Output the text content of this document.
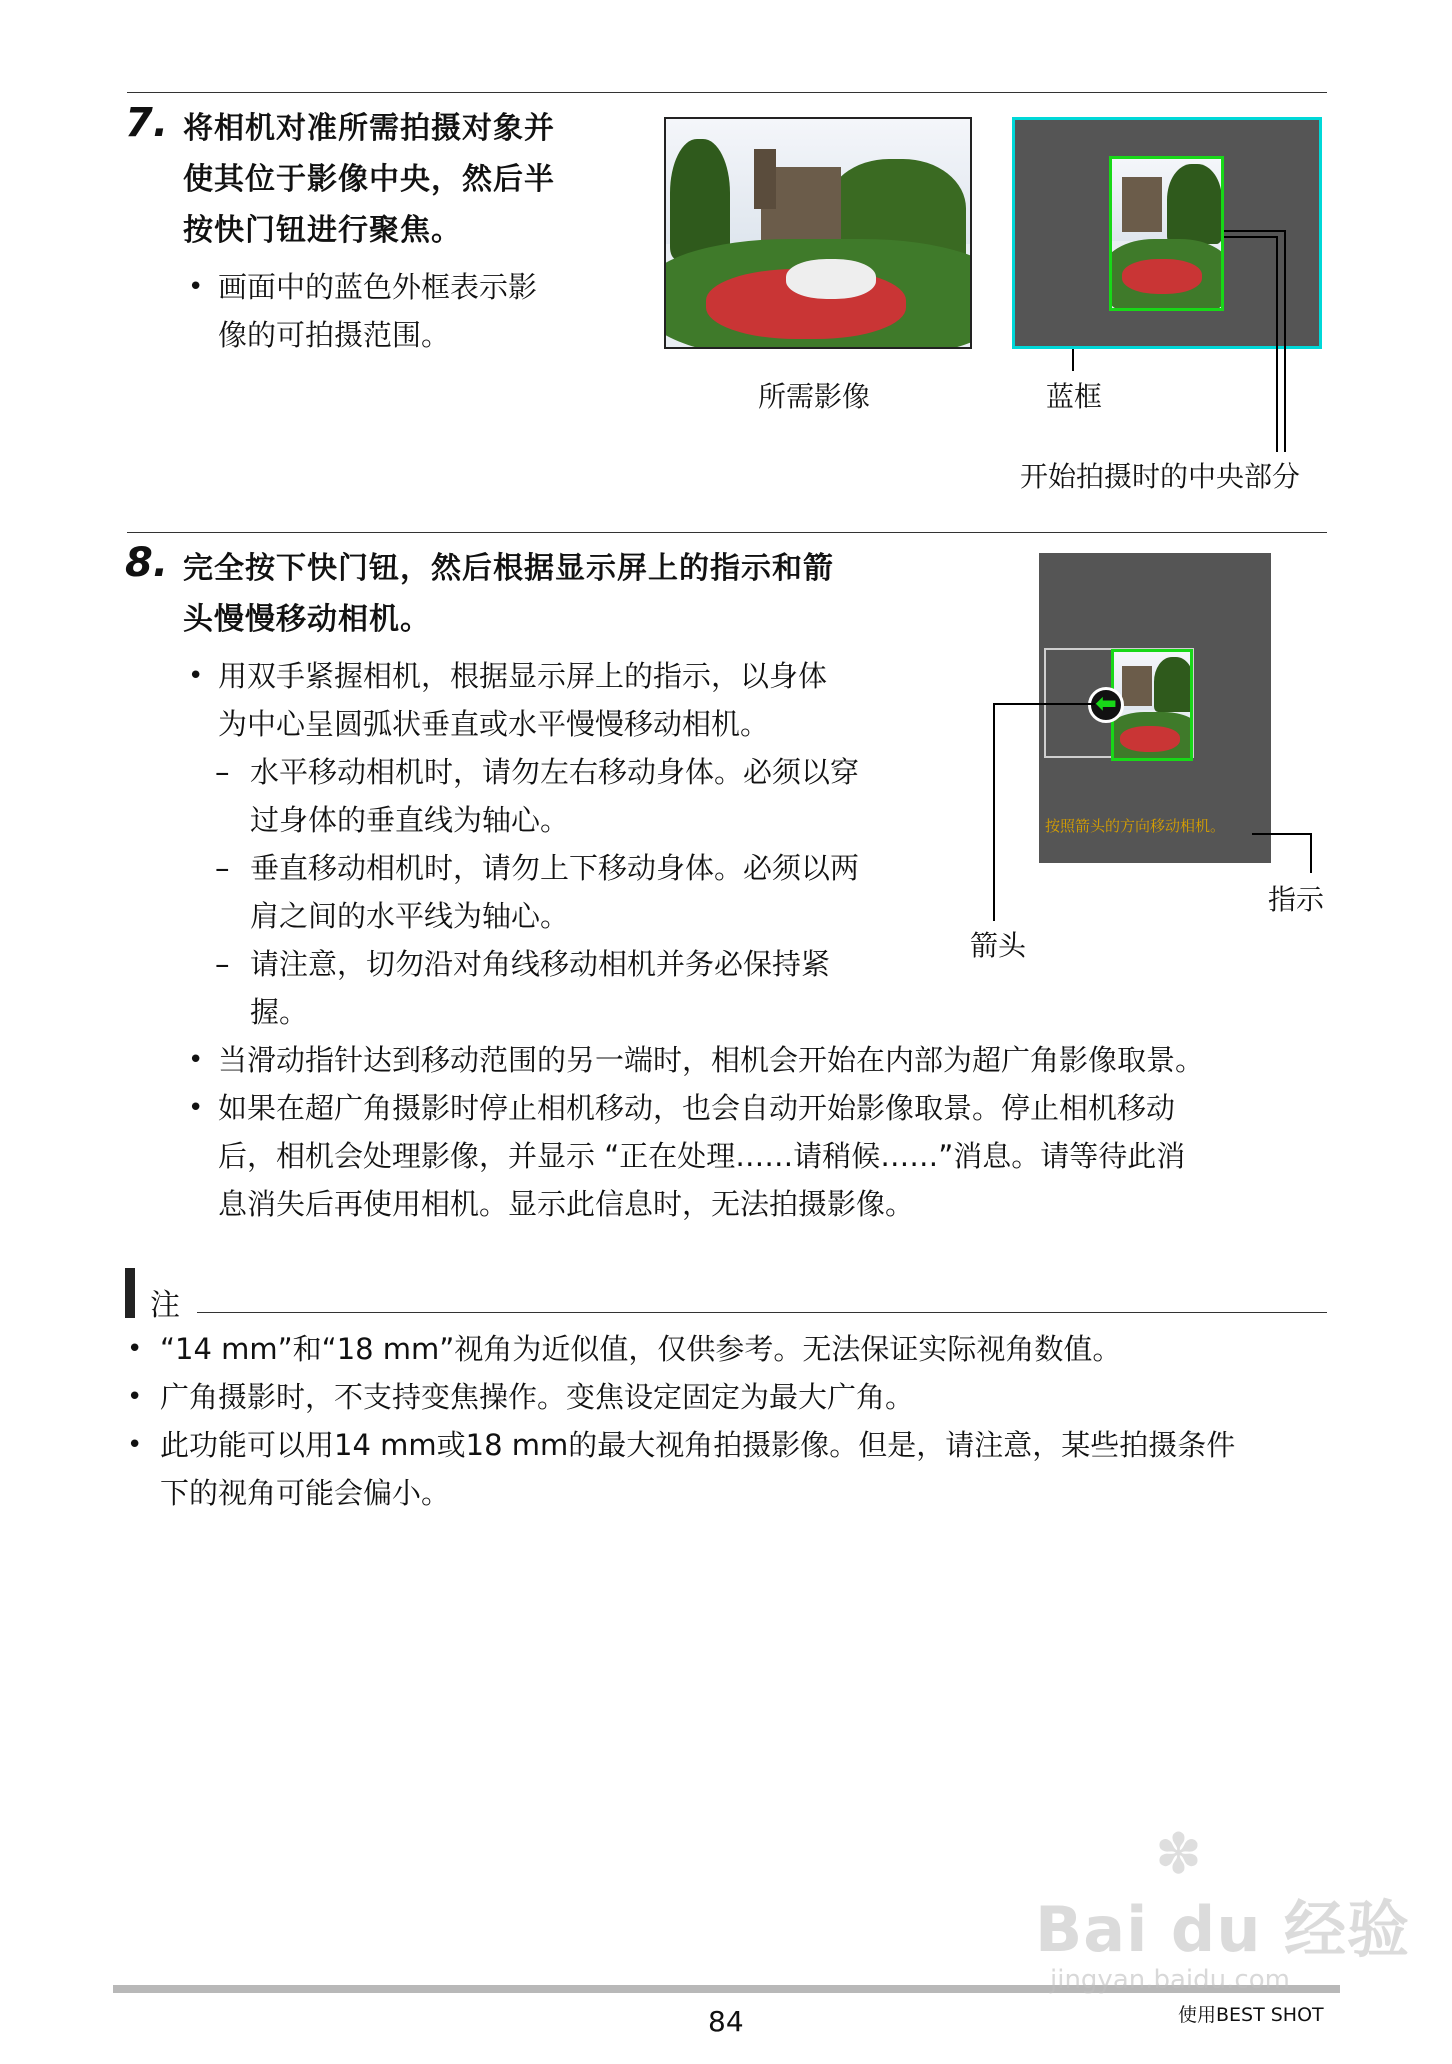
7. 将相机对准所需拍摄对象并
使其位于影像中央，然后半
按快门钮进行聚焦。
• 画面中的蓝色外框表示影
像的可拍摄范围。
所需影像	蓝框
开始拍摄时的中央部分
8. 完全按下快门钮，然后根据显示屏上的指示和箭
头慢慢移动相机。
• 用双手紧握相机，根据显示屏上的指示，以身体
为中心呈圆弧状垂直或水平慢慢移动相机。
– 水平移动相机时，请勿左右移动身体。必须以穿
过身体的垂直线为轴心。
– 垂直移动相机时，请勿上下移动身体。必须以两
肩之间的水平线为轴心。
– 请注意，切勿沿对角线移动相机并务必保持紧
握。
• 当滑动指针达到移动范围的另一端时，相机会开始在内部为超广角影像取景。
• 如果在超广角摄影时停止相机移动，也会自动开始影像取景。停止相机移动
后，相机会处理影像，并显示 “正在处理……请稍候……”消息。请等待此消
息消失后再使用相机。显示此信息时，无法拍摄影像。
⬅
按照箭头的方向移动相机。
箭头
指示
注
• “14 mm”和“18 mm”视角为近似值，仅供参考。无法保证实际视角数值。
• 广角摄影时，不支持变焦操作。变焦设定固定为最大广角。
• 此功能可以用14 mm或18 mm的最大视角拍摄影像。但是，请注意，某些拍摄条件
下的视角可能会偏小。
84	使用BEST SHOT
Bai du 经验
✽
jingyan.baidu.com
